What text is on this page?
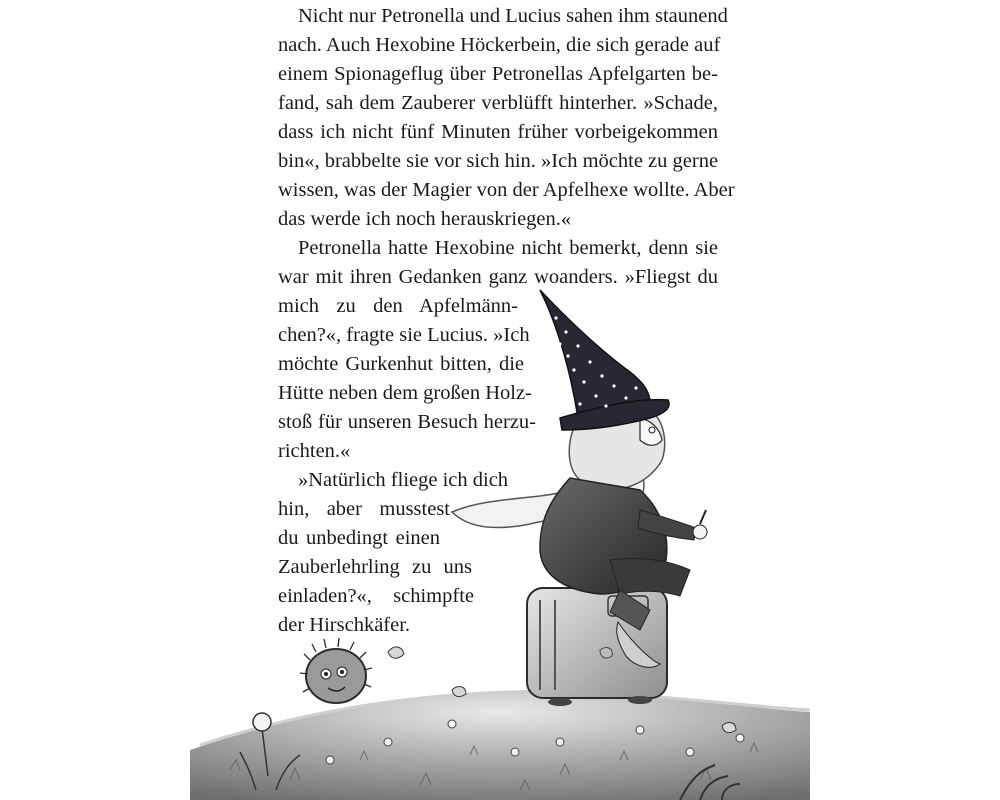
Nicht nur Petronella und Lucius sahen ihm staunend
nach. Auch Hexobine Höckerbein, die sich gerade auf
einem Spionageflug über Petronellas Apfelgarten be-
fand, sah dem Zauberer verblüfft hinterher. »Schade,
dass ich nicht fünf Minuten früher vorbeigekommen
bin«, brabbelte sie vor sich hin. »Ich möchte zu gerne
wissen, was der Magier von der Apfelhexe wollte. Aber
das werde ich noch herauskriegen.«
Petronella hatte Hexobine nicht bemerkt, denn sie
war mit ihren Gedanken ganz woanders. »Fliegst du
mich zu den Apfelmänn-
chen?«, fragte sie Lucius. »Ich
möchte Gurkenhut bitten, die
Hütte neben dem großen Holz-
stoß für unseren Besuch herzu-
richten.«
»Natürlich fliege ich dich
hin, aber musstest
du unbedingt einen
Zauberlehrling zu uns
einladen?«, schimpfte
der Hirschkäfer.
